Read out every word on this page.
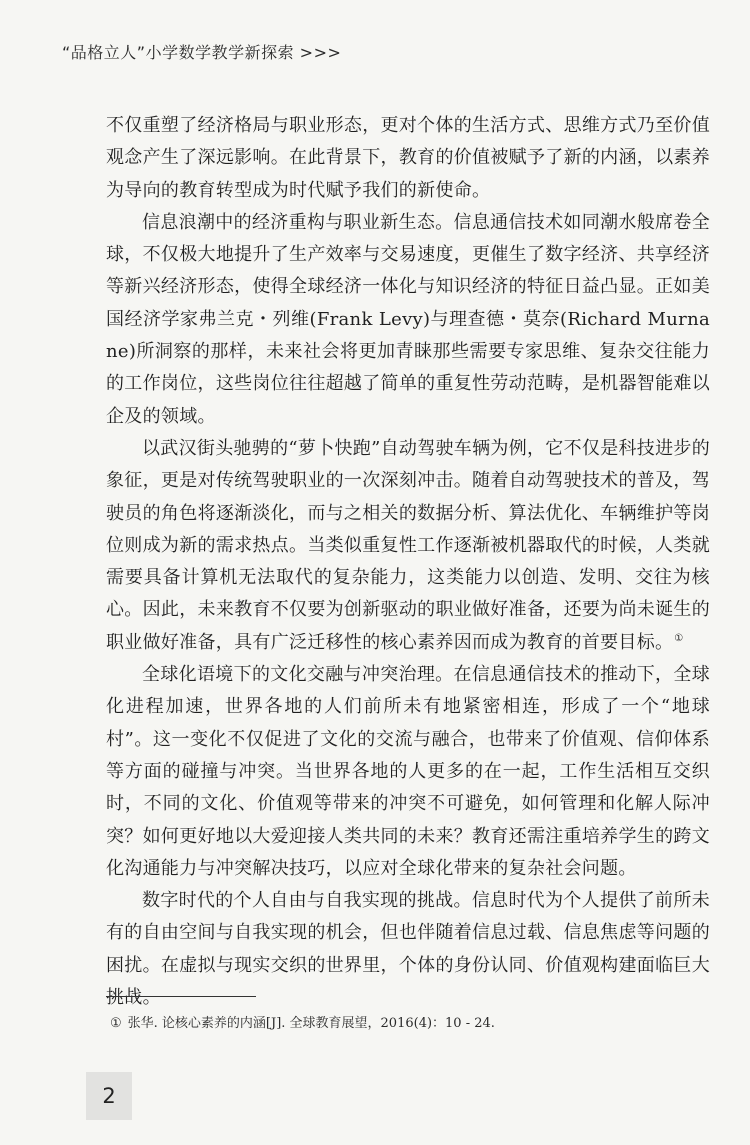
“品格立人”小学数学教学新探索 >>>

不仅重塑了经济格局与职业形态，更对个体的生活方式、思维方式乃至价值观念产生了深远影响。在此背景下，教育的价值被赋予了新的内涵，以素养为导向的教育转型成为时代赋予我们的新使命。

信息浪潮中的经济重构与职业新生态。信息通信技术如同潮水般席卷全球，不仅极大地提升了生产效率与交易速度，更催生了数字经济、共享经济等新兴经济形态，使得全球经济一体化与知识经济的特征日益凸显。正如美国经济学家弗兰克・列维(Frank Levy)与理查德・莫奈(Richard Murnane)所洞察的那样，未来社会将更加青睐那些需要专家思维、复杂交往能力的工作岗位，这些岗位往往超越了简单的重复性劳动范畴，是机器智能难以企及的领域。

以武汉街头驰骋的“萝卜快跑”自动驾驶车辆为例，它不仅是科技进步的象征，更是对传统驾驶职业的一次深刻冲击。随着自动驾驶技术的普及，驾驶员的角色将逐渐淡化，而与之相关的数据分析、算法优化、车辆维护等岗位则成为新的需求热点。当类似重复性工作逐渐被机器取代的时候，人类就需要具备计算机无法取代的复杂能力，这类能力以创造、发明、交往为核心。因此，未来教育不仅要为创新驱动的职业做好准备，还要为尚未诞生的职业做好准备，具有广泛迁移性的核心素养因而成为教育的首要目标。①

全球化语境下的文化交融与冲突治理。在信息通信技术的推动下，全球化进程加速，世界各地的人们前所未有地紧密相连，形成了一个“地球村”。这一变化不仅促进了文化的交流与融合，也带来了价值观、信仰体系等方面的碰撞与冲突。当世界各地的人更多的在一起，工作生活相互交织时，不同的文化、价值观等带来的冲突不可避免，如何管理和化解人际冲突？如何更好地以大爱迎接人类共同的未来？教育还需注重培养学生的跨文化沟通能力与冲突解决技巧，以应对全球化带来的复杂社会问题。

数字时代的个人自由与自我实现的挑战。信息时代为个人提供了前所未有的自由空间与自我实现的机会，但也伴随着信息过载、信息焦虑等问题的困扰。在虚拟与现实交织的世界里，个体的身份认同、价值观构建面临巨大挑战。

① 张华. 论核心素养的内涵[J]. 全球教育展望，2016(4)：10 - 24.
2
